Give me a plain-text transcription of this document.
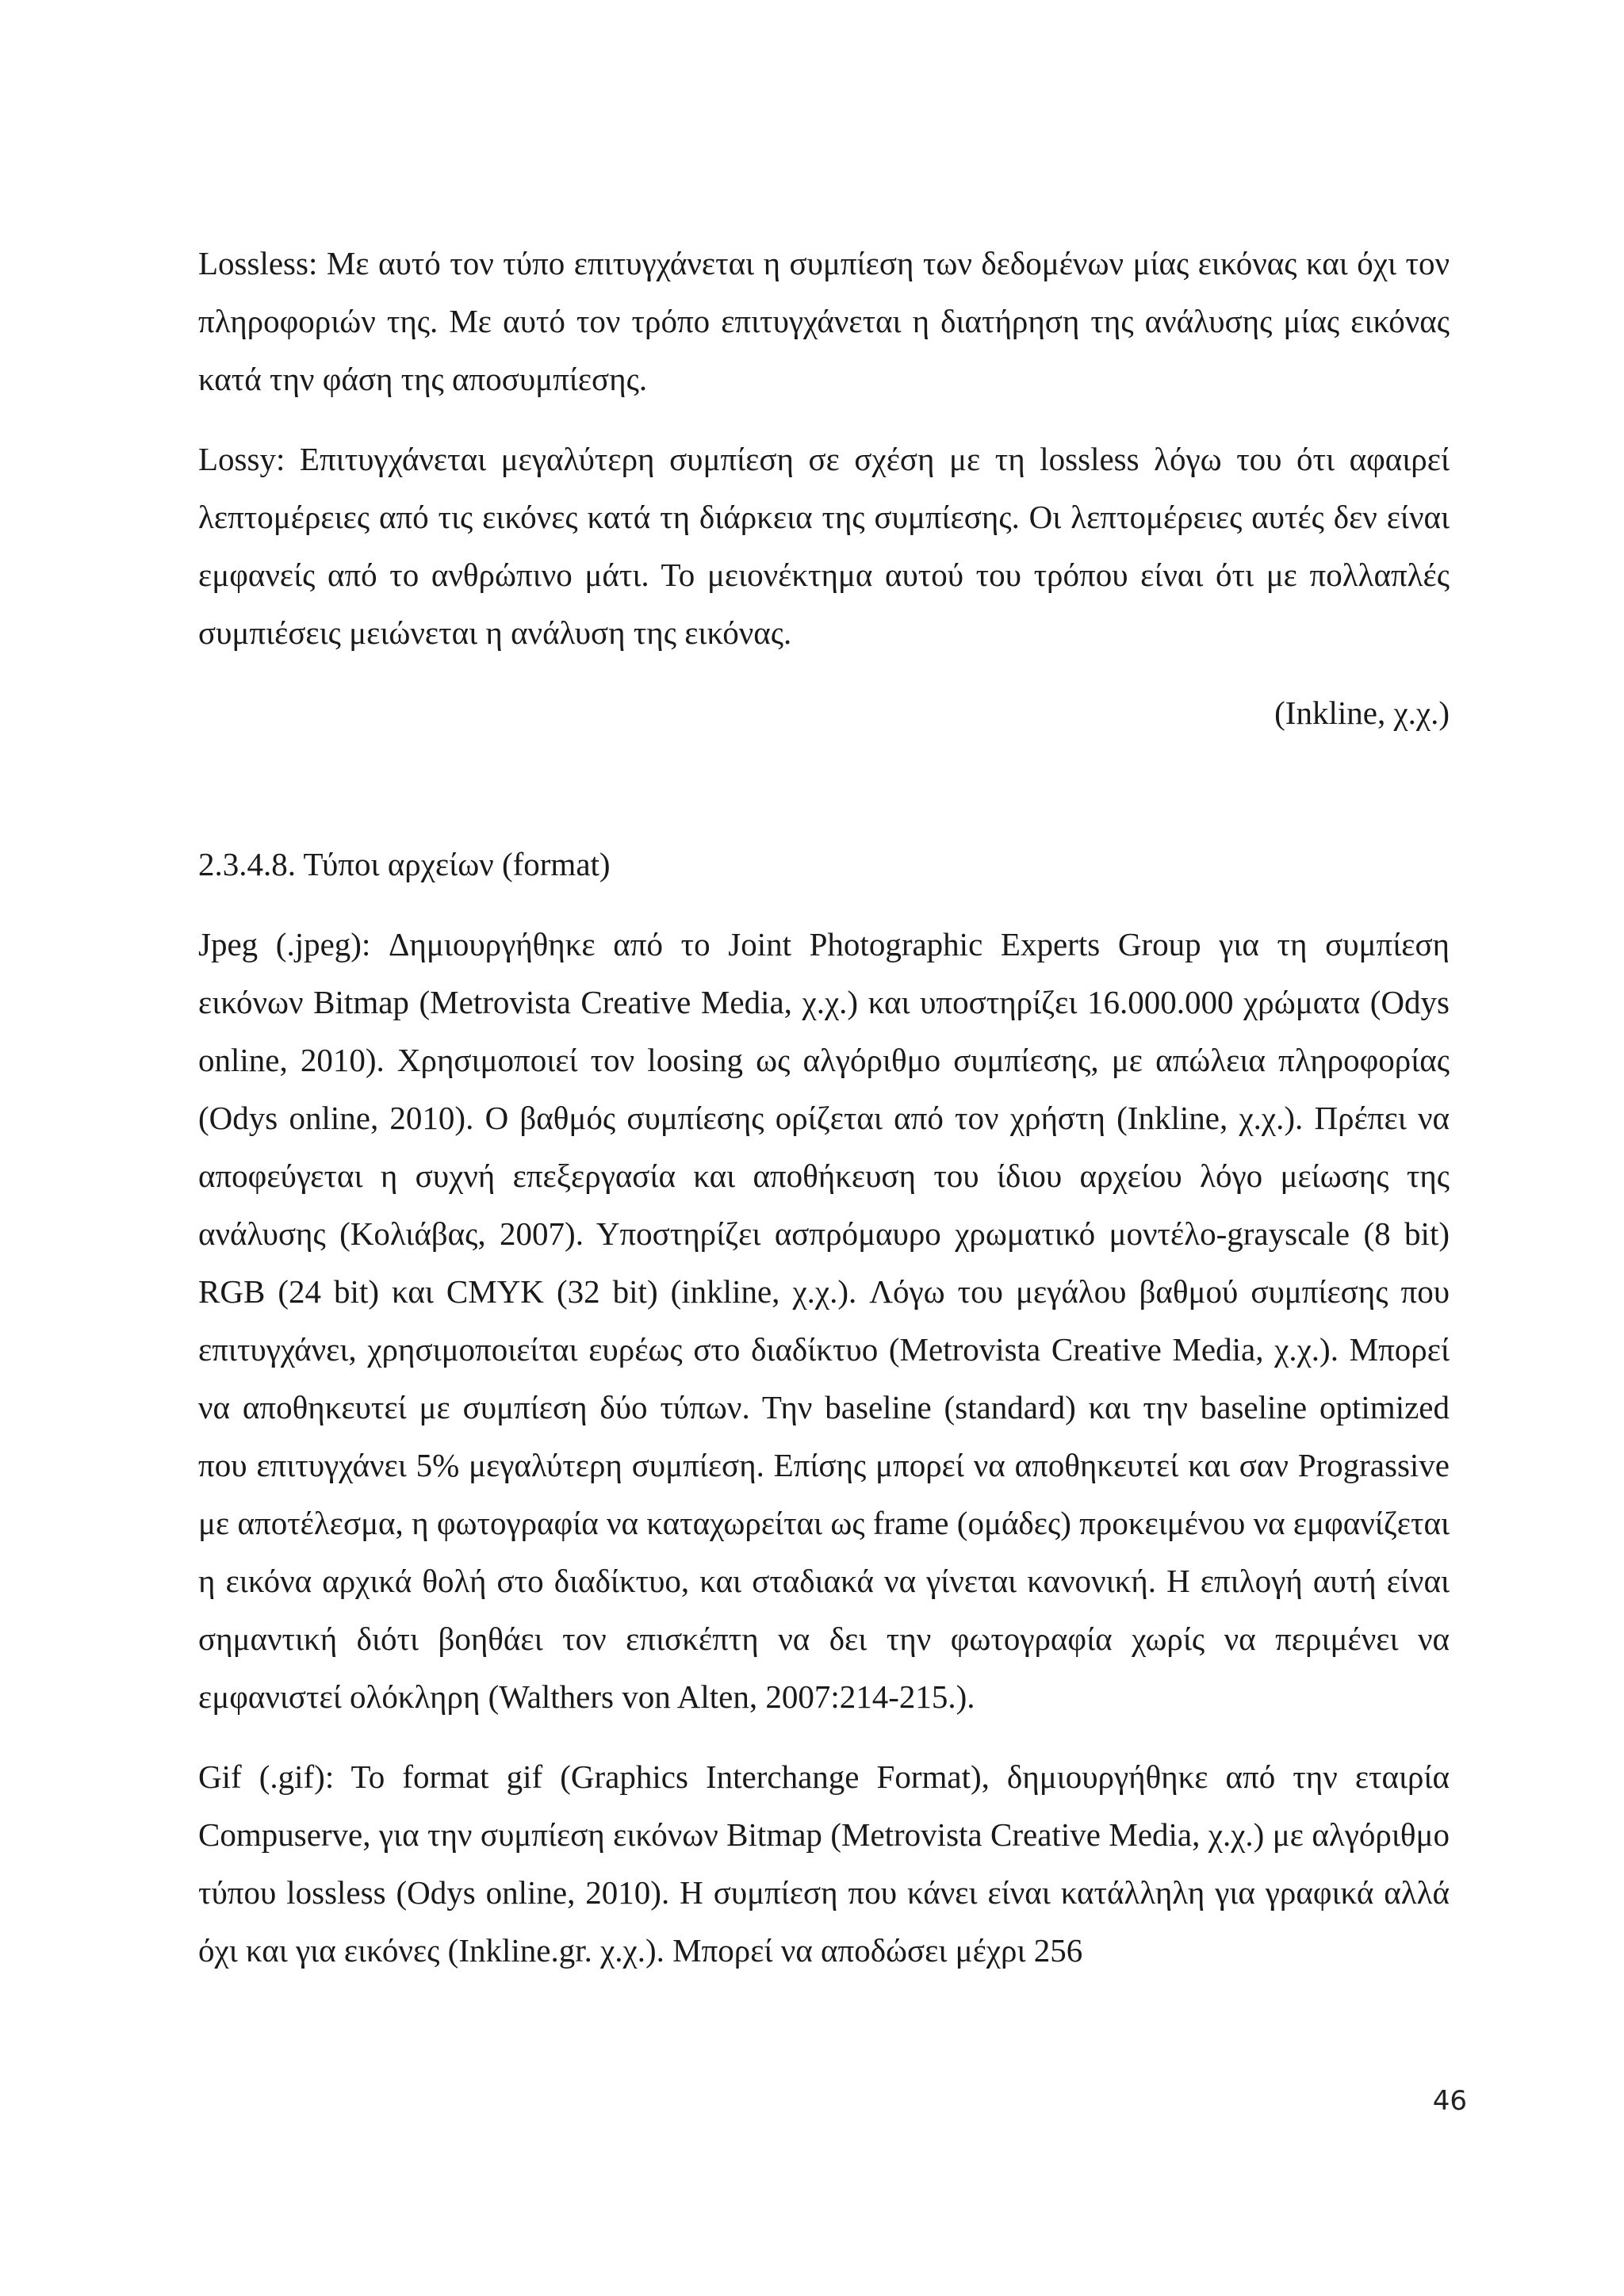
Lossless: Με αυτό τον τύπο επιτυγχάνεται η συμπίεση των δεδομένων μίας εικόνας και όχι τον πληροφοριών της. Με αυτό τον τρόπο επιτυγχάνεται η διατήρηση της ανάλυσης μίας εικόνας κατά την φάση της αποσυμπίεσης.

Lossy: Επιτυγχάνεται μεγαλύτερη συμπίεση σε σχέση με τη lossless λόγω του ότι αφαιρεί λεπτομέρειες από τις εικόνες κατά τη διάρκεια της συμπίεσης. Οι λεπτομέρειες αυτές δεν είναι εμφανείς από το ανθρώπινο μάτι. Το μειονέκτημα αυτού του τρόπου είναι ότι με πολλαπλές συμπιέσεις μειώνεται η ανάλυση της εικόνας.

(Inkline, χ.χ.)

2.3.4.8. Τύποι αρχείων (format)

Jpeg (.jpeg): Δημιουργήθηκε από το Joint Photographic Experts Group για τη συμπίεση εικόνων Bitmap (Metrovista Creative Media, χ.χ.) και υποστηρίζει 16.000.000 χρώματα (Odys online, 2010). Χρησιμοποιεί τον loosing ως αλγόριθμο συμπίεσης, με απώλεια πληροφορίας (Odys online, 2010). Ο βαθμός συμπίεσης ορίζεται από τον χρήστη (Inkline, χ.χ.). Πρέπει να αποφεύγεται η συχνή επεξεργασία και αποθήκευση του ίδιου αρχείου λόγο μείωσης της ανάλυσης (Κολιάβας, 2007). Υποστηρίζει ασπρόμαυρο χρωματικό μοντέλο-grayscale (8 bit) RGB (24 bit) και CMYK (32 bit) (inkline, χ.χ.). Λόγω του μεγάλου βαθμού συμπίεσης που επιτυγχάνει, χρησιμοποιείται ευρέως στο διαδίκτυο (Metrovista Creative Media, χ.χ.). Μπορεί να αποθηκευτεί με συμπίεση δύο τύπων. Την baseline (standard) και την baseline optimized που επιτυγχάνει 5% μεγαλύτερη συμπίεση. Επίσης μπορεί να αποθηκευτεί και σαν Prograssive με αποτέλεσμα, η φωτογραφία να καταχωρείται ως frame (ομάδες) προκειμένου να εμφανίζεται η εικόνα αρχικά θολή στο διαδίκτυο, και σταδιακά να γίνεται κανονική. Η επιλογή αυτή είναι σημαντική διότι βοηθάει τον επισκέπτη να δει την φωτογραφία χωρίς να περιμένει να εμφανιστεί ολόκληρη (Walthers von Alten, 2007:214-215.).

Gif (.gif): To format gif (Graphics Interchange Format), δημιουργήθηκε από την εταιρία Compuserve, για την συμπίεση εικόνων Bitmap (Metrovista Creative Media, χ.χ.) με αλγόριθμο τύπου lossless (Odys online, 2010). Η συμπίεση που κάνει είναι κατάλληλη για γραφικά αλλά όχι και για εικόνες (Inkline.gr. χ.χ.). Μπορεί να αποδώσει μέχρι 256

46
